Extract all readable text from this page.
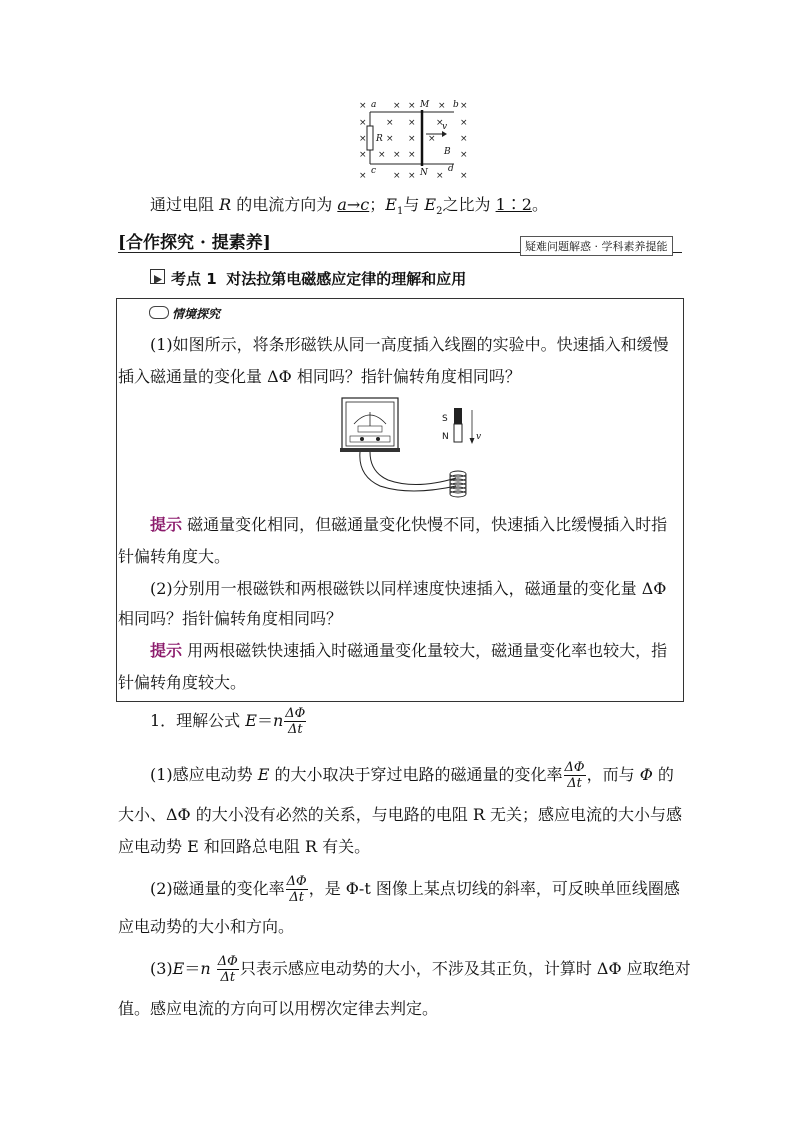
×	× × × ×
× × × × ×
× × × ×	×
× × × ×	×
×	× × × ×
a	M	b
R
v
B
c	N d
通过电阻 R 的电流方向为 a→c；$E_1$与 $E_2$之比为 1∶2。
[合作探究 · 提素养]	疑难问题解惑 · 学科素养提能
考点 1 对法拉第电磁感应定律的理解和应用
情境探究
(1)如图所示，将条形磁铁从同一高度插入线圈的实验中。快速插入和缓慢
插入磁通量的变化量 ΔΦ 相同吗？指针偏转角度相同吗？
S
N	v
提示 磁通量变化相同，但磁通量变化快慢不同，快速插入比缓慢插入时指
针偏转角度大。
(2)分别用一根磁铁和两根磁铁以同样速度快速插入，磁通量的变化量 ΔΦ
相同吗？指针偏转角度相同吗？
提示 用两根磁铁快速插入时磁通量变化量较大，磁通量变化率也较大，指
针偏转角度较大。
1．理解公式 $E=n \frac{\Delta\Phi}{\Delta t}$
(1)感应电动势 E 的大小取决于穿过电路的磁通量的变化率 $\frac{\Delta\Phi}{\Delta t}$ ，而与 Φ 的
大小、ΔΦ 的大小没有必然的关系，与电路的电阻 R 无关；感应电流的大小与感
应电动势 E 和回路总电阻 R 有关。
(2)磁通量的变化率 $\frac{\Delta\Phi}{\Delta t}$ ，是 Φ-t 图像上某点切线的斜率，可反映单匝线圈感
应电动势的大小和方向。
$(3)E=n \frac{\Delta\Phi}{\Delta t}$ 只表示感应电动势的大小，不涉及其正负，计算时 ΔΦ 应取绝对
值。感应电流的方向可以用楞次定律去判定。
